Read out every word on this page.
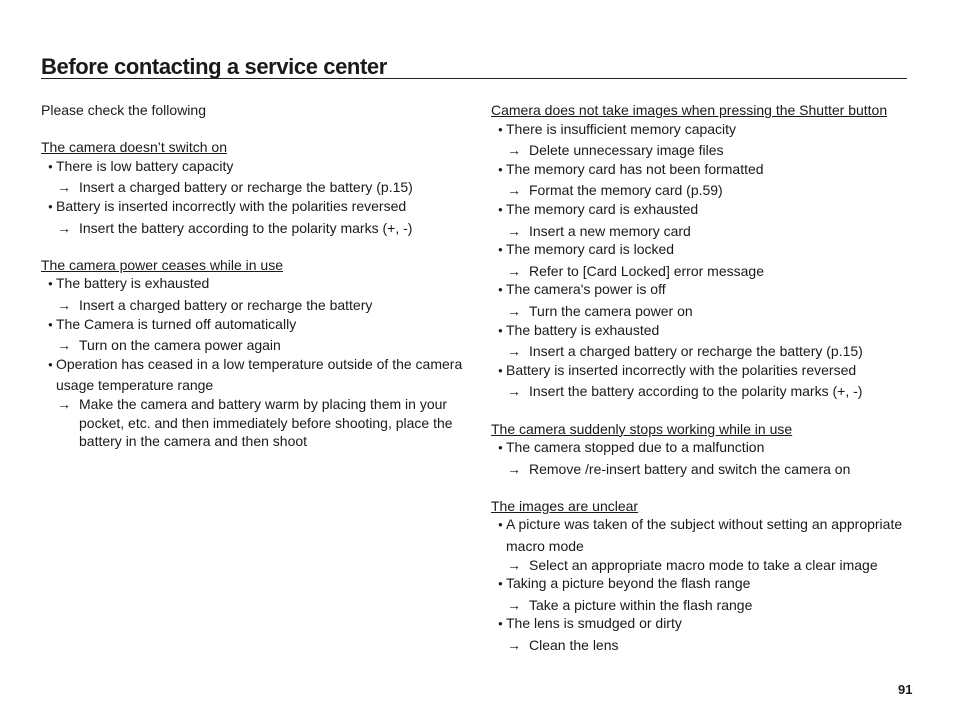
Before contacting a service center
Please check the following
The camera doesn’t switch on
●
There is low battery capacity
→ Insert a charged battery or recharge the battery (p.15)
●
Battery is inserted incorrectly with the polarities reversed
→ Insert the battery according to the polarity marks (+, -)
The camera power ceases while in use
●
The battery is exhausted
→ Insert a charged battery or recharge the battery
●
The Camera is turned off automatically
→ Turn on the camera power again
●
Operation has ceased in a low temperature outside of the camera
usage temperature range
→ Make the camera and battery warm by placing them in your
pocket, etc. and then immediately before shooting, place the
battery in the camera and then shoot
Camera does not take images when pressing the Shutter button
●
There is insufficient memory capacity
→ Delete unnecessary image files
●
The memory card has not been formatted
→ Format the memory card (p.59)
●
The memory card is exhausted
→ Insert a new memory card
●
The memory card is locked
→ Refer to [Card Locked] error message
●
The camera's power is off
→ Turn the camera power on
●
The battery is exhausted
→ Insert a charged battery or recharge the battery (p.15)
●
Battery is inserted incorrectly with the polarities reversed
→ Insert the battery according to the polarity marks (+, -)
The camera suddenly stops working while in use
●
The camera stopped due to a malfunction
→ Remove /re-insert battery and switch the camera on
The images are unclear
●
A picture was taken of the subject without setting an appropriate
macro mode
→ Select an appropriate macro mode to take a clear image
●
Taking a picture beyond the flash range
→ Take a picture within the flash range
●
The lens is smudged or dirty
→ Clean the lens
91
